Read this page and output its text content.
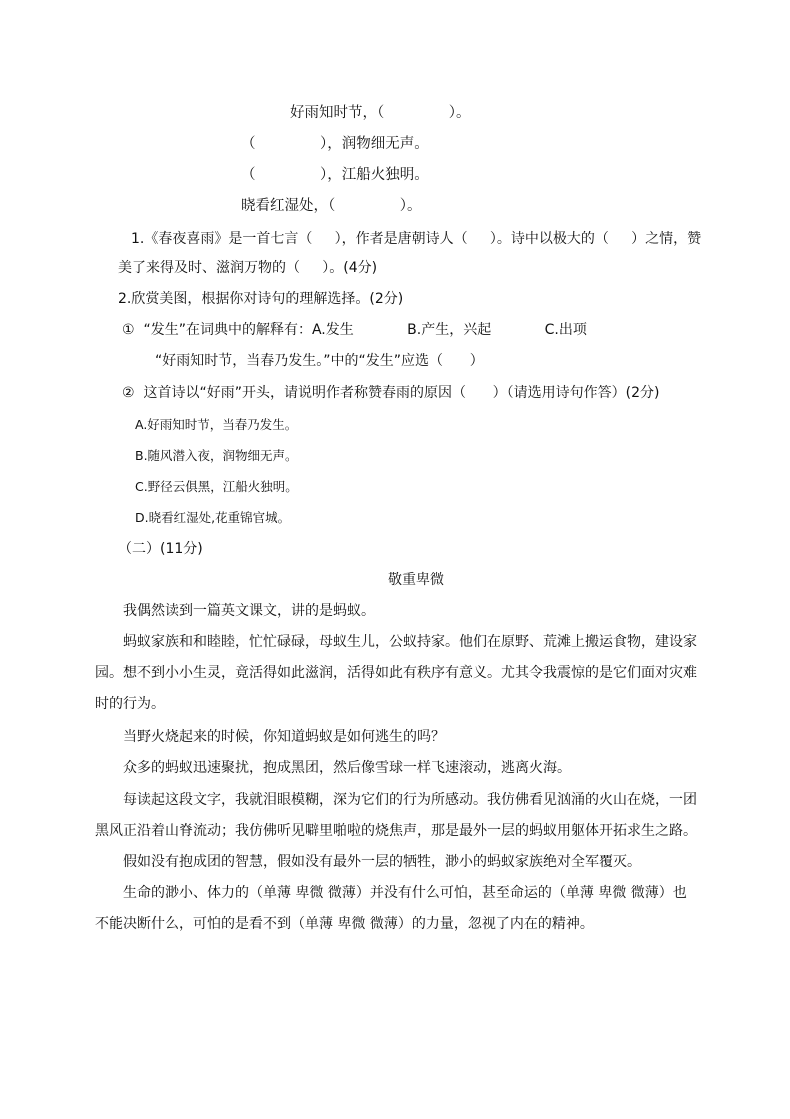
好雨知时节，（              ）。
（              ），润物细无声。
（              ），江船火独明。
晓看红湿处，（              ）。
1.《春夜喜雨》是一首七言（     ），作者是唐朝诗人（     ）。诗中以极大的（     ）之情，赞
美了来得及时、滋润万物的（     ）。(4分)
2.欣赏美图，根据你对诗句的理解选择。(2分)
①  “发生”在词典中的解释有：A.发生            B.产生，兴起            C.出项
“好雨知时节，当春乃发生。”中的“发生”应选（      ）
②  这首诗以“好雨”开头，请说明作者称赞春雨的原因（      ）（请选用诗句作答）(2分)
A.好雨知时节，当春乃发生。
B.随风潜入夜，润物细无声。
C.野径云俱黑，江船火独明。
D.晓看红湿处,花重锦官城。
（二）(11分)
敬重卑微
我偶然读到一篇英文课文，讲的是蚂蚁。
蚂蚁家族和和睦睦，忙忙碌碌，母蚁生儿，公蚁持家。他们在原野、荒滩上搬运食物，建设家
园。想不到小小生灵，竟活得如此滋润，活得如此有秩序有意义。尤其令我震惊的是它们面对灾难
时的行为。
当野火烧起来的时候，你知道蚂蚁是如何逃生的吗？
众多的蚂蚁迅速聚扰，抱成黑团，然后像雪球一样飞速滚动，逃离火海。
每读起这段文字，我就泪眼模糊，深为它们的行为所感动。我仿佛看见汹涌的火山在烧，一团
黑风正沿着山脊流动；我仿佛听见噼里啪啦的烧焦声，那是最外一层的蚂蚁用躯体开拓求生之路。
假如没有抱成团的智慧，假如没有最外一层的牺牲，渺小的蚂蚁家族绝对全军覆灭。
生命的渺小、体力的（单薄 卑微 微薄）并没有什么可怕，甚至命运的（单薄 卑微 微薄）也
不能决断什么，可怕的是看不到（单薄 卑微 微薄）的力量，忽视了内在的精神。
